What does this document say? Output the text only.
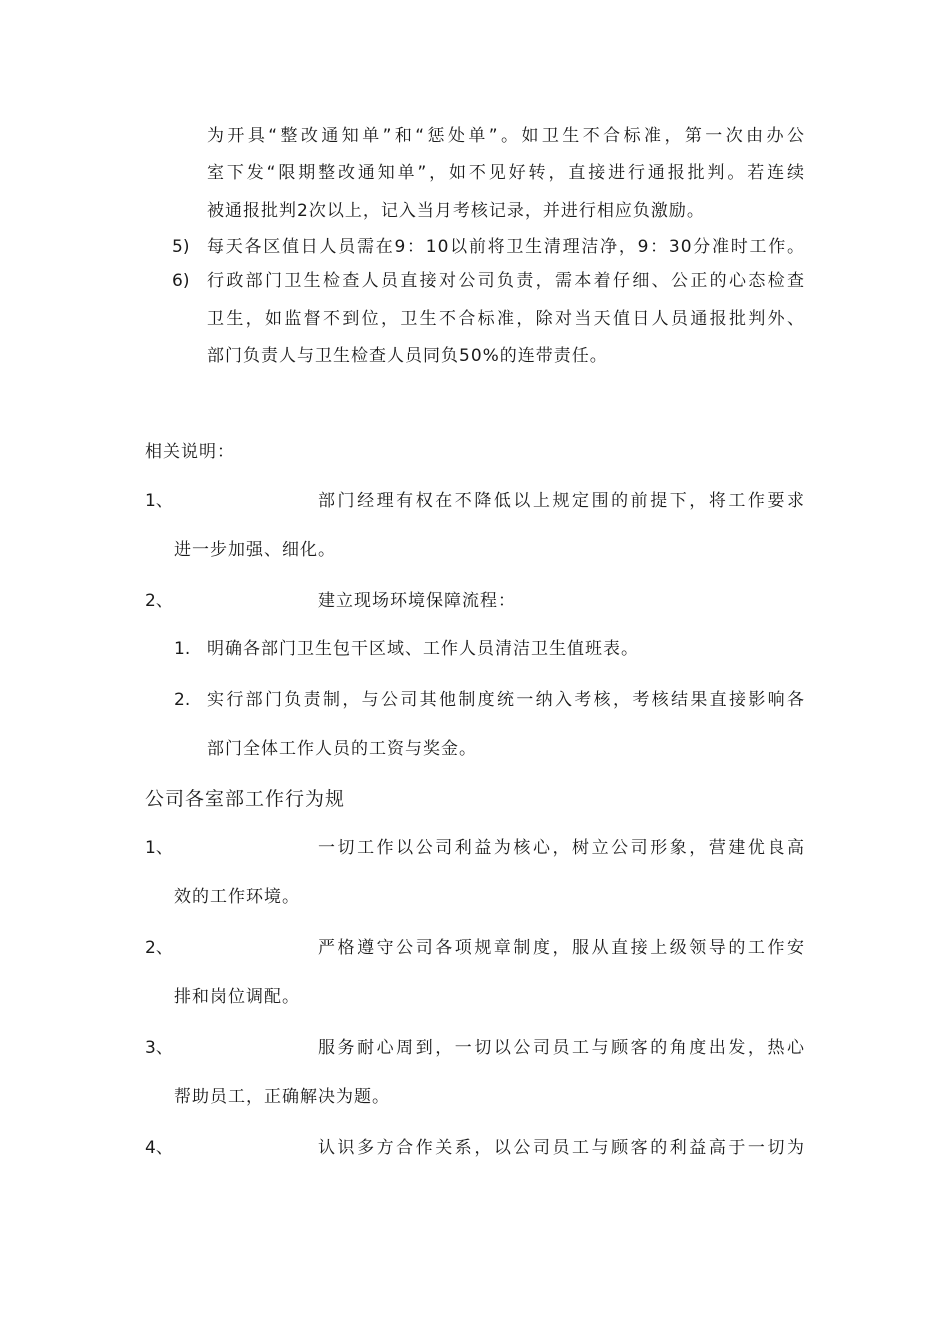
为开具“整改通知单”和“惩处单”。如卫生不合标准，第一次由办公
室下发“限期整改通知单”，如不见好转，直接进行通报批判。若连续
被通报批判2次以上，记入当月考核记录，并进行相应负激励。
5) 每天各区值日人员需在9：10以前将卫生清理洁净，9：30分准时工作。
6) 行政部门卫生检查人员直接对公司负责，需本着仔细、公正的心态检查
卫生，如监督不到位，卫生不合标准，除对当天值日人员通报批判外、
部门负责人与卫生检查人员同负50%的连带责任。
相关说明：
1、	部门经理有权在不降低以上规定围的前提下，将工作要求
进一步加强、细化。
2、	建立现场环境保障流程：
1. 明确各部门卫生包干区域、工作人员清洁卫生值班表。
2. 实行部门负责制，与公司其他制度统一纳入考核，考核结果直接影响各
部门全体工作人员的工资与奖金。
公司各室部工作行为规
1、	一切工作以公司利益为核心，树立公司形象，营建优良高
效的工作环境。
2、	严格遵守公司各项规章制度，服从直接上级领导的工作安
排和岗位调配。
3、	服务耐心周到，一切以公司员工与顾客的角度出发，热心
帮助员工，正确解决为题。
4、	认识多方合作关系，以公司员工与顾客的利益高于一切为
